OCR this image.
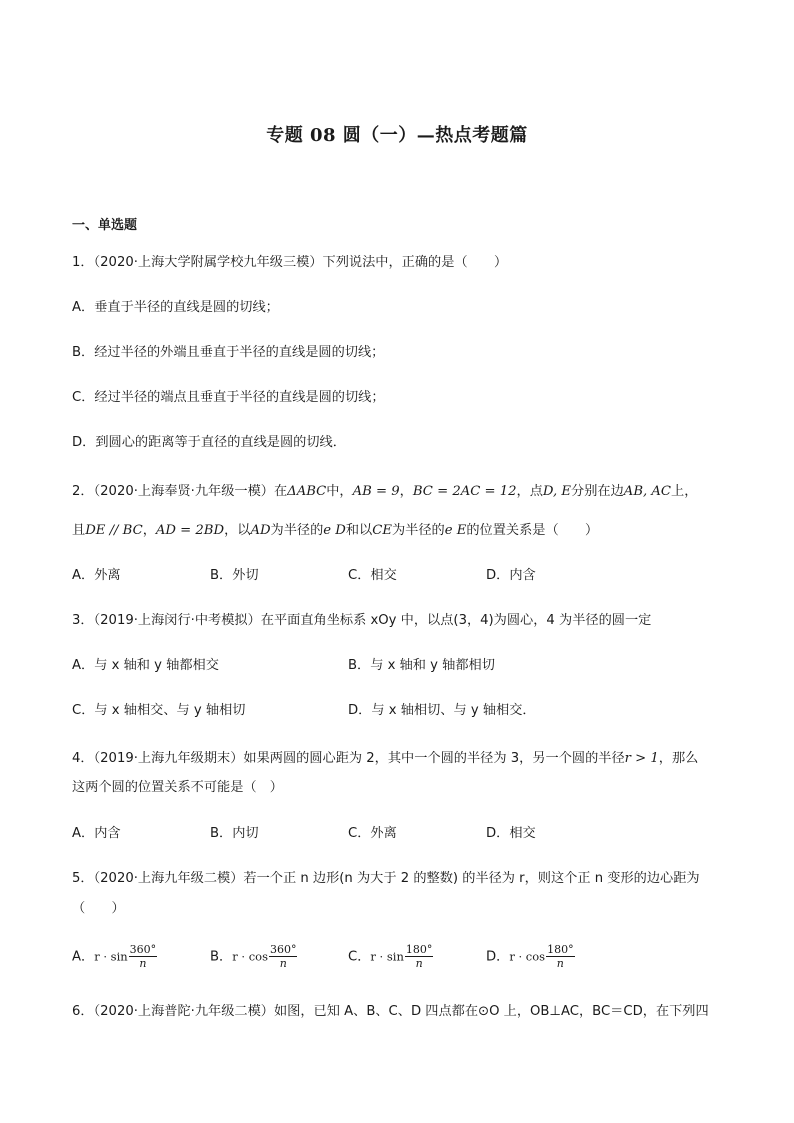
专题 08 圆（一）—热点考题篇
一、单选题
1．（2020·上海大学附属学校九年级三模）下列说法中，正确的是（　　）
A．垂直于半径的直线是圆的切线；
B．经过半径的外端且垂直于半径的直线是圆的切线；
C．经过半径的端点且垂直于半径的直线是圆的切线；
D．到圆心的距离等于直径的直线是圆的切线．
2．（2020·上海奉贤·九年级一模）在ΔABC中，AB = 9，BC = 2AC = 12，点D, E分别在边AB, AC上，
且DE // BC，AD = 2BD，以AD为半径的e D和以CE为半径的e E的位置关系是（　　）
A．外离	B．外切	C．相交	D．内含
3．（2019·上海闵行·中考模拟）在平面直角坐标系 xOy 中，以点(3，4)为圆心，4 为半径的圆一定
A．与 x 轴和 y 轴都相交	B．与 x 轴和 y 轴都相切
C．与 x 轴相交、与 y 轴相切	D．与 x 轴相切、与 y 轴相交．
4．（2019·上海九年级期末）如果两圆的圆心距为 2，其中一个圆的半径为 3，另一个圆的半径r > 1，那么
这两个圆的位置关系不可能是（　）
A．内含	B．内切	C．外离	D．相交
5．（2020·上海九年级二模）若一个正 n 边形(n 为大于 2 的整数) 的半径为 r，则这个正 n 变形的边心距为
（　　）
A．$r \cdot \sin \frac{360^\circ}{n}$	B．$r \cdot \cos \frac{360^\circ}{n}$	C．$r \cdot \sin \frac{180^\circ}{n}$	D．$r \cdot \cos \frac{180^\circ}{n}$
6．（2020·上海普陀·九年级二模）如图，已知 A、B、C、D 四点都在⊙O 上，OB⊥AC，BC＝CD，在下列四
